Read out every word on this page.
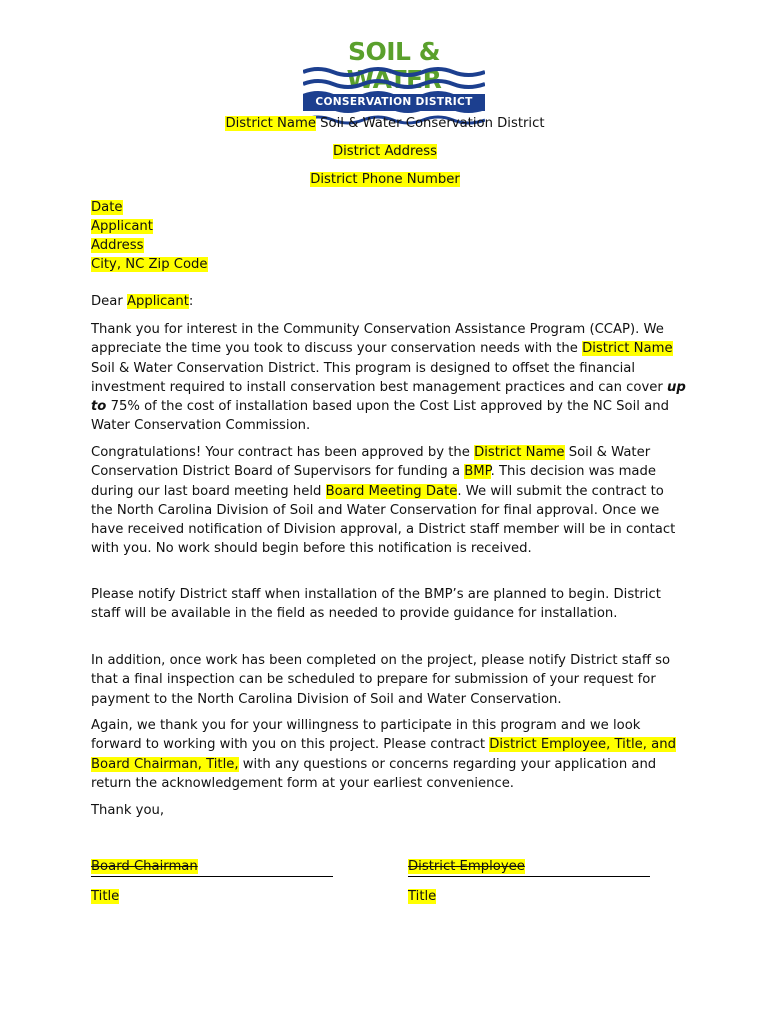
SOIL & WATER
CONSERVATION DISTRICT
District Name Soil & Water Conservation District
District Address
District Phone Number
Date
Applicant
Address
City, NC Zip Code
Dear Applicant:

Thank you for interest in the Community Conservation Assistance Program (CCAP). We appreciate the time you took to discuss your conservation needs with the District Name Soil & Water Conservation District. This program is designed to offset the financial investment required to install conservation best management practices and can cover up to 75% of the cost of installation based upon the Cost List approved by the NC Soil and Water Conservation Commission.

Congratulations! Your contract has been approved by the District Name Soil & Water Conservation District Board of Supervisors for funding a BMP. This decision was made during our last board meeting held Board Meeting Date. We will submit the contract to the North Carolina Division of Soil and Water Conservation for final approval. Once we have received notification of Division approval, a District staff member will be in contact with you. No work should begin before this notification is received.

Please notify District staff when installation of the BMP’s are planned to begin. District staff will be available in the field as needed to provide guidance for installation.

In addition, once work has been completed on the project, please notify District staff so that a final inspection can be scheduled to prepare for submission of your request for payment to the North Carolina Division of Soil and Water Conservation.

Again, we thank you for your willingness to participate in this program and we look forward to working with you on this project. Please contract District Employee, Title, and Board Chairman, Title, with any questions or concerns regarding your application and return the acknowledgement form at your earliest convenience.

Thank you,
Board Chairman	District Employee
Title	Title
